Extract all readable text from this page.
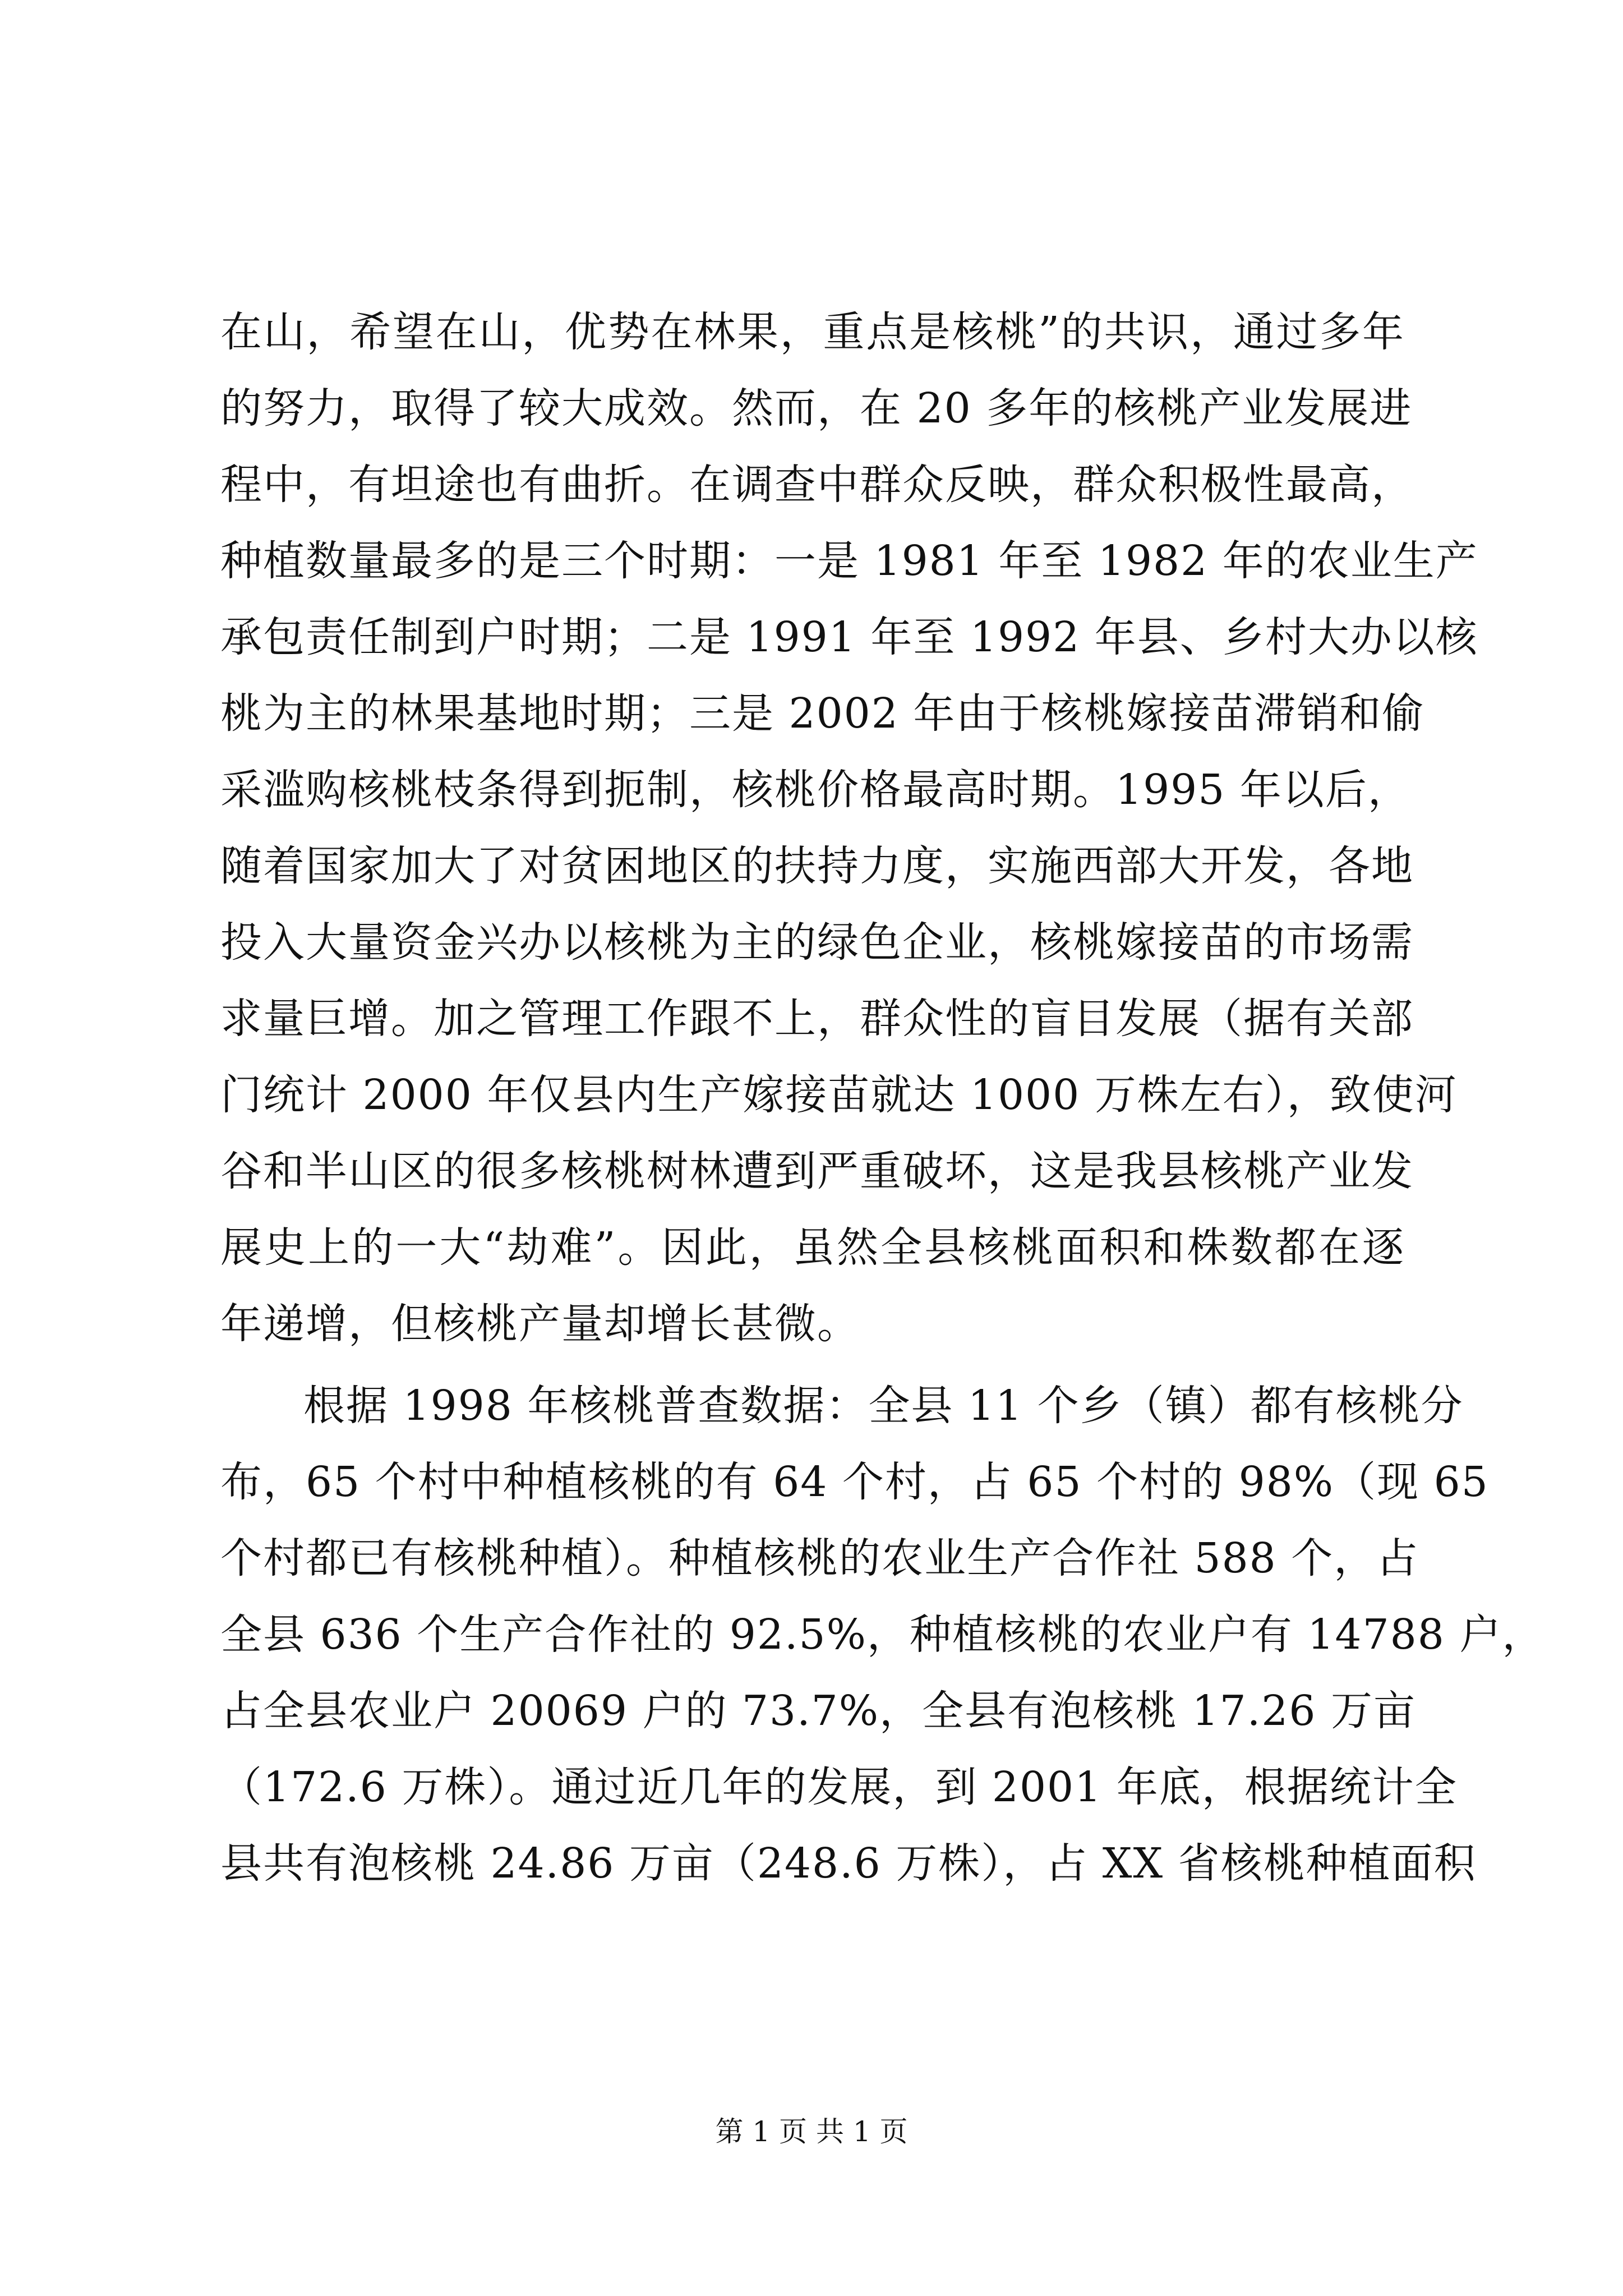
在山，希望在山，优势在林果，重点是核桃”的共识，通过多年
的努力，取得了较大成效。然而，在 20 多年的核桃产业发展进
程中，有坦途也有曲折。在调查中群众反映，群众积极性最高，
种植数量最多的是三个时期：一是 1981 年至 1982 年的农业生产
承包责任制到户时期；二是 1991 年至 1992 年县、乡村大办以核
桃为主的林果基地时期；三是 2002 年由于核桃嫁接苗滞销和偷
采滥购核桃枝条得到扼制，核桃价格最高时期。1995 年以后，
随着国家加大了对贫困地区的扶持力度，实施西部大开发，各地
投入大量资金兴办以核桃为主的绿色企业，核桃嫁接苗的市场需
求量巨增。加之管理工作跟不上，群众性的盲目发展（据有关部
门统计 2000 年仅县内生产嫁接苗就达 1000 万株左右），致使河
谷和半山区的很多核桃树林遭到严重破坏，这是我县核桃产业发
展史上的一大“劫难”。因此，虽然全县核桃面积和株数都在逐
年递增，但核桃产量却增长甚微。
根据 1998 年核桃普查数据：全县 11 个乡（镇）都有核桃分
布，65 个村中种植核桃的有 64 个村，占 65 个村的 98%（现 65
个村都已有核桃种植）。种植核桃的农业生产合作社 588 个，占
全县 636 个生产合作社的 92.5%，种植核桃的农业户有 14788 户，
占全县农业户 20069 户的 73.7%，全县有泡核桃 17.26 万亩
（172.6 万株）。通过近几年的发展，到 2001 年底，根据统计全
县共有泡核桃 24.86 万亩（248.6 万株），占 XX 省核桃种植面积
第 1 页 共 1 页
